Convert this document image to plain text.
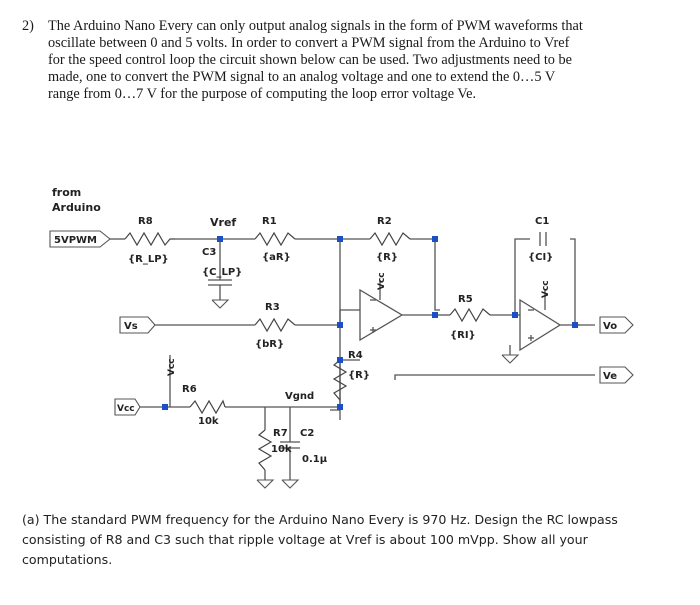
2) The Arduino Nano Every can only output analog signals in the form of PWM waveforms that
oscillate between 0 and 5 volts. In order to convert a PWM signal from the Arduino to Vref
for the speed control loop the circuit shown below can be used. Two adjustments need to be
made, one to convert the PWM signal to an analog voltage and one to extend the 0…5 V
range from 0…7 V for the purpose of computing the loop error voltage Ve.
from
Arduino
5VPWM
Vs
Vcc
Vo
Ve
R8
{R_LP}
Vref
C3
{C_LP}
R1
{aR}
R2
{R}
R3
{bR}
R4
{R}
R5
{RI}
C1
{CI}
R6
10k
Vgnd
R7
10k
C2
0.1µ
Vcc	Vcc
Vcc
(a) The standard PWM frequency for the Arduino Nano Every is 970 Hz. Design the RC lowpass
consisting of R8 and C3 such that ripple voltage at Vref is about 100 mVpp. Show all your
computations.
